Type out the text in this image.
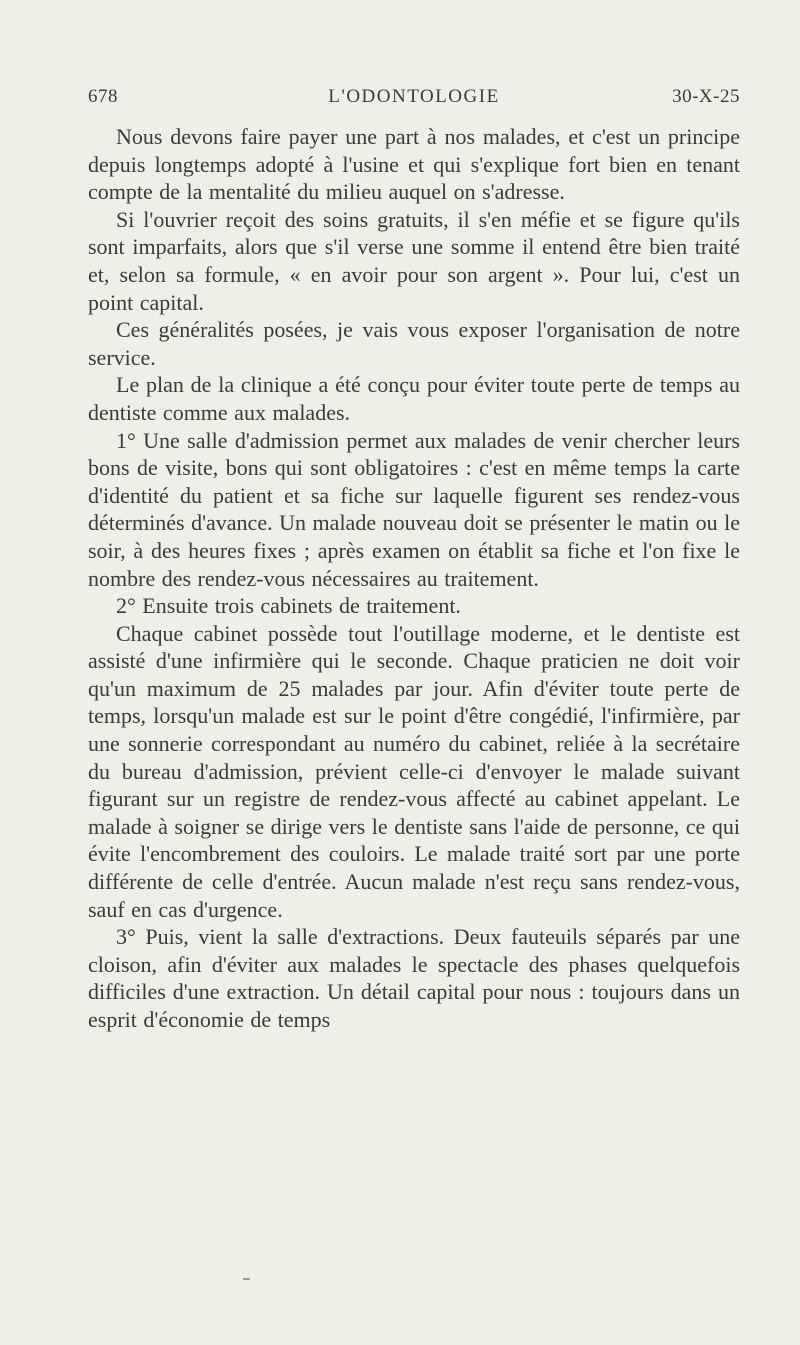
678	L'ODONTOLOGIE	30-X-25

Nous devons faire payer une part à nos malades, et c'est un principe depuis longtemps adopté à l'usine et qui s'explique fort bien en tenant compte de la mentalité du milieu auquel on s'adresse.

Si l'ouvrier reçoit des soins gratuits, il s'en méfie et se figure qu'ils sont imparfaits, alors que s'il verse une somme il entend être bien traité et, selon sa formule, « en avoir pour son argent ». Pour lui, c'est un point capital.

Ces généralités posées, je vais vous exposer l'organisation de notre service.

Le plan de la clinique a été conçu pour éviter toute perte de temps au dentiste comme aux malades.

1° Une salle d'admission permet aux malades de venir chercher leurs bons de visite, bons qui sont obligatoires : c'est en même temps la carte d'identité du patient et sa fiche sur laquelle figurent ses rendez-vous déterminés d'avance. Un malade nouveau doit se présenter le matin ou le soir, à des heures fixes ; après examen on établit sa fiche et l'on fixe le nombre des rendez-vous nécessaires au traitement.

2° Ensuite trois cabinets de traitement.

Chaque cabinet possède tout l'outillage moderne, et le dentiste est assisté d'une infirmière qui le seconde. Chaque praticien ne doit voir qu'un maximum de 25 malades par jour. Afin d'éviter toute perte de temps, lorsqu'un malade est sur le point d'être congédié, l'infirmière, par une sonnerie correspondant au numéro du cabinet, reliée à la secrétaire du bureau d'admission, prévient celle-ci d'envoyer le malade suivant figurant sur un registre de rendez-vous affecté au cabinet appelant. Le malade à soigner se dirige vers le dentiste sans l'aide de personne, ce qui évite l'encombrement des couloirs. Le malade traité sort par une porte différente de celle d'entrée. Aucun malade n'est reçu sans rendez-vous, sauf en cas d'urgence.

3° Puis, vient la salle d'extractions. Deux fauteuils séparés par une cloison, afin d'éviter aux malades le spectacle des phases quelquefois difficiles d'une extraction. Un détail capital pour nous : toujours dans un esprit d'économie de temps
